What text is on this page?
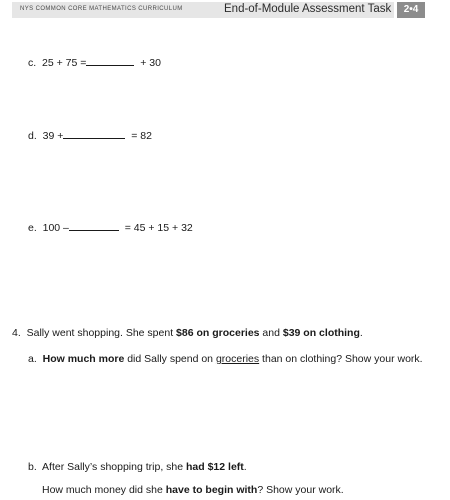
NYS COMMON CORE MATHEMATICS CURRICULUM	End-of-Module Assessment Task	2•4
c. 25 + 75 =	+ 30
d. 39 +	= 82
e. 100 –	= 45 + 15 + 32
4. Sally went shopping. She spent $86 on groceries and $39 on clothing.
a. How much more did Sally spend on groceries than on clothing? Show your work.
b. After Sally’s shopping trip, she had $12 left.
How much money did she have to begin with? Show your work.
